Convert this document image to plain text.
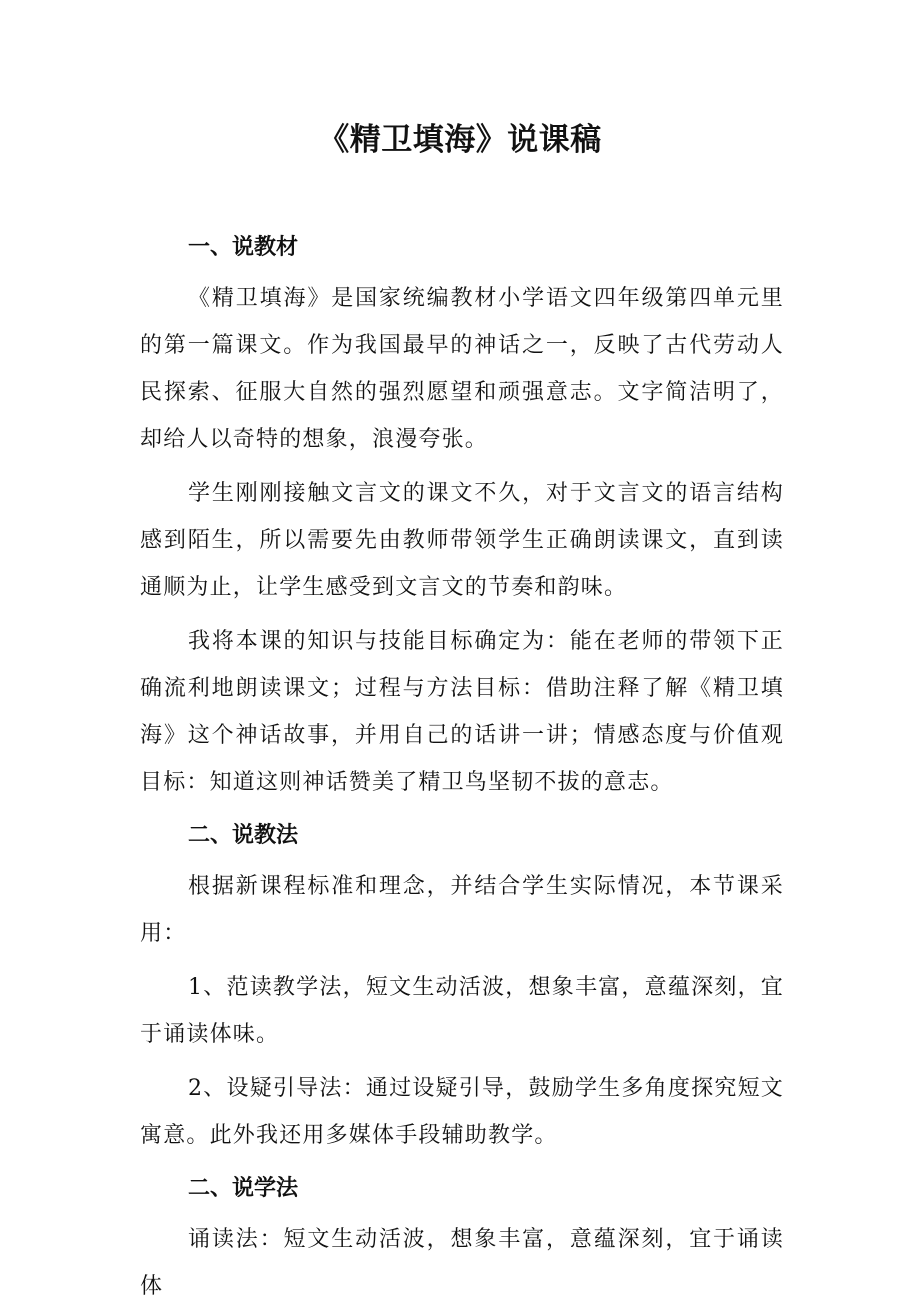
《精卫填海》说课稿
一、说教材

《精卫填海》是国家统编教材小学语文四年级第四单元里的第一篇课文。作为我国最早的神话之一，反映了古代劳动人民探索、征服大自然的强烈愿望和顽强意志。文字简洁明了，却给人以奇特的想象，浪漫夸张。

学生刚刚接触文言文的课文不久，对于文言文的语言结构感到陌生，所以需要先由教师带领学生正确朗读课文，直到读通顺为止，让学生感受到文言文的节奏和韵味。

我将本课的知识与技能目标确定为：能在老师的带领下正确流利地朗读课文；过程与方法目标：借助注释了解《精卫填海》这个神话故事，并用自己的话讲一讲；情感态度与价值观目标：知道这则神话赞美了精卫鸟坚韧不拔的意志。

二、说教法

根据新课程标准和理念，并结合学生实际情况，本节课采用：

1、范读教学法，短文生动活波，想象丰富，意蕴深刻，宜于诵读体味。

2、设疑引导法：通过设疑引导，鼓励学生多角度探究短文寓意。此外我还用多媒体手段辅助教学。

二、说学法

诵读法：短文生动活波，想象丰富，意蕴深刻，宜于诵读体
